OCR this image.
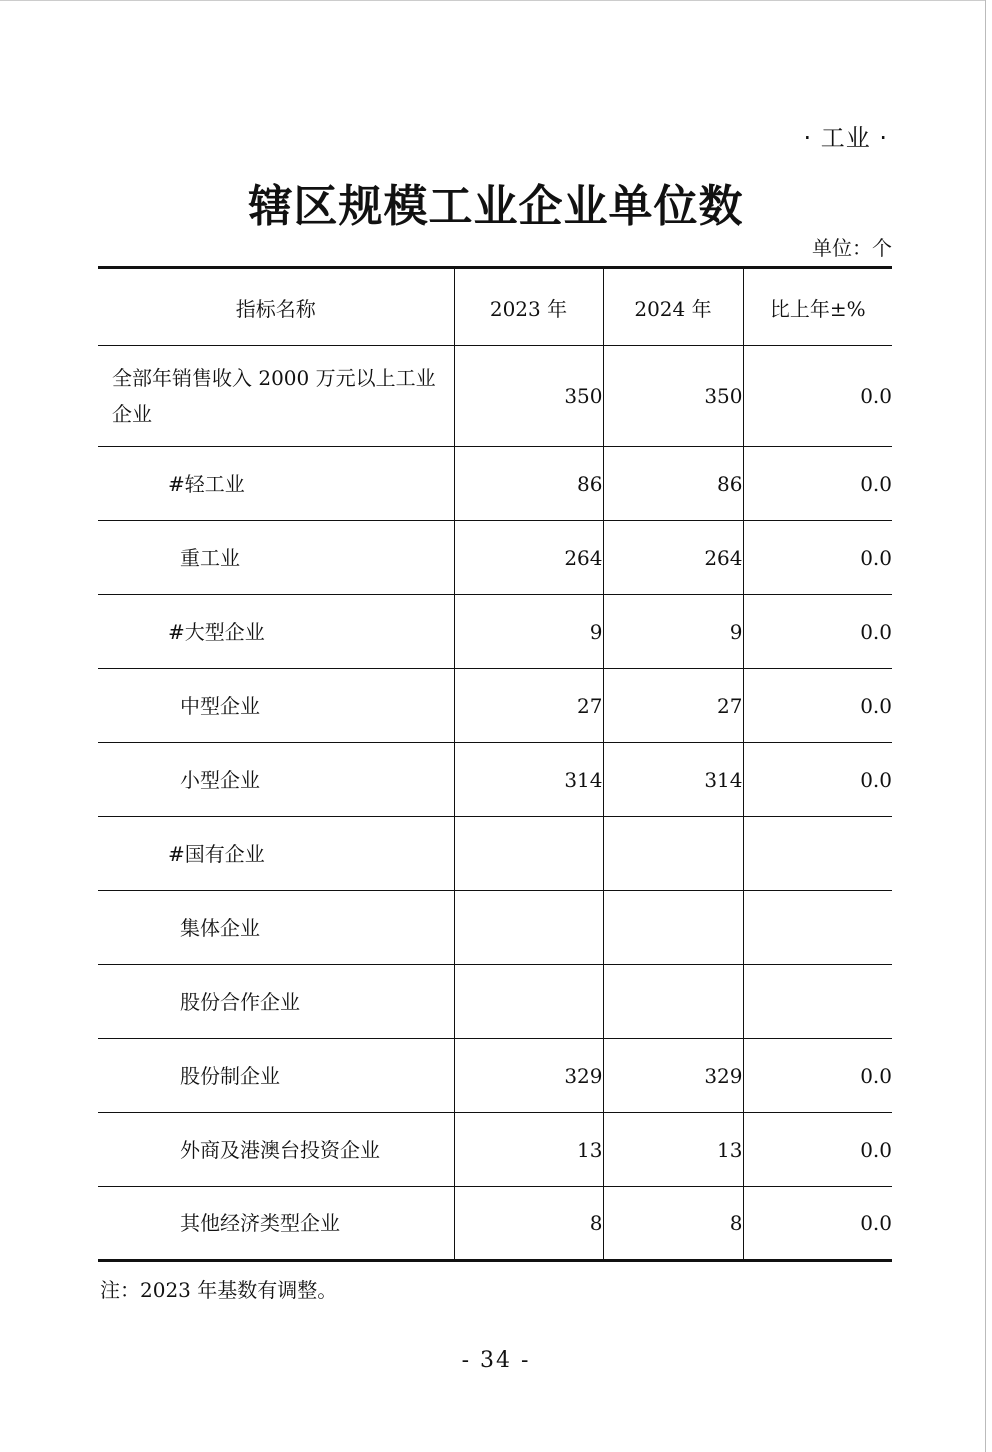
· 工业 ·
辖区规模工业企业单位数
单位：个
指标名称	2023 年	2024 年	比上年±%
全部年销售收入 2000 万元以上工业企业	350	350	0.0
#轻工业	86	86	0.0
重工业	264	264	0.0
#大型企业	9	9	0.0
中型企业	27	27	0.0
小型企业	314	314	0.0
#国有企业			
集体企业			
股份合作企业			
股份制企业	329	329	0.0
外商及港澳台投资企业	13	13	0.0
其他经济类型企业	8	8	0.0
注：2023 年基数有调整。
- 34 -
